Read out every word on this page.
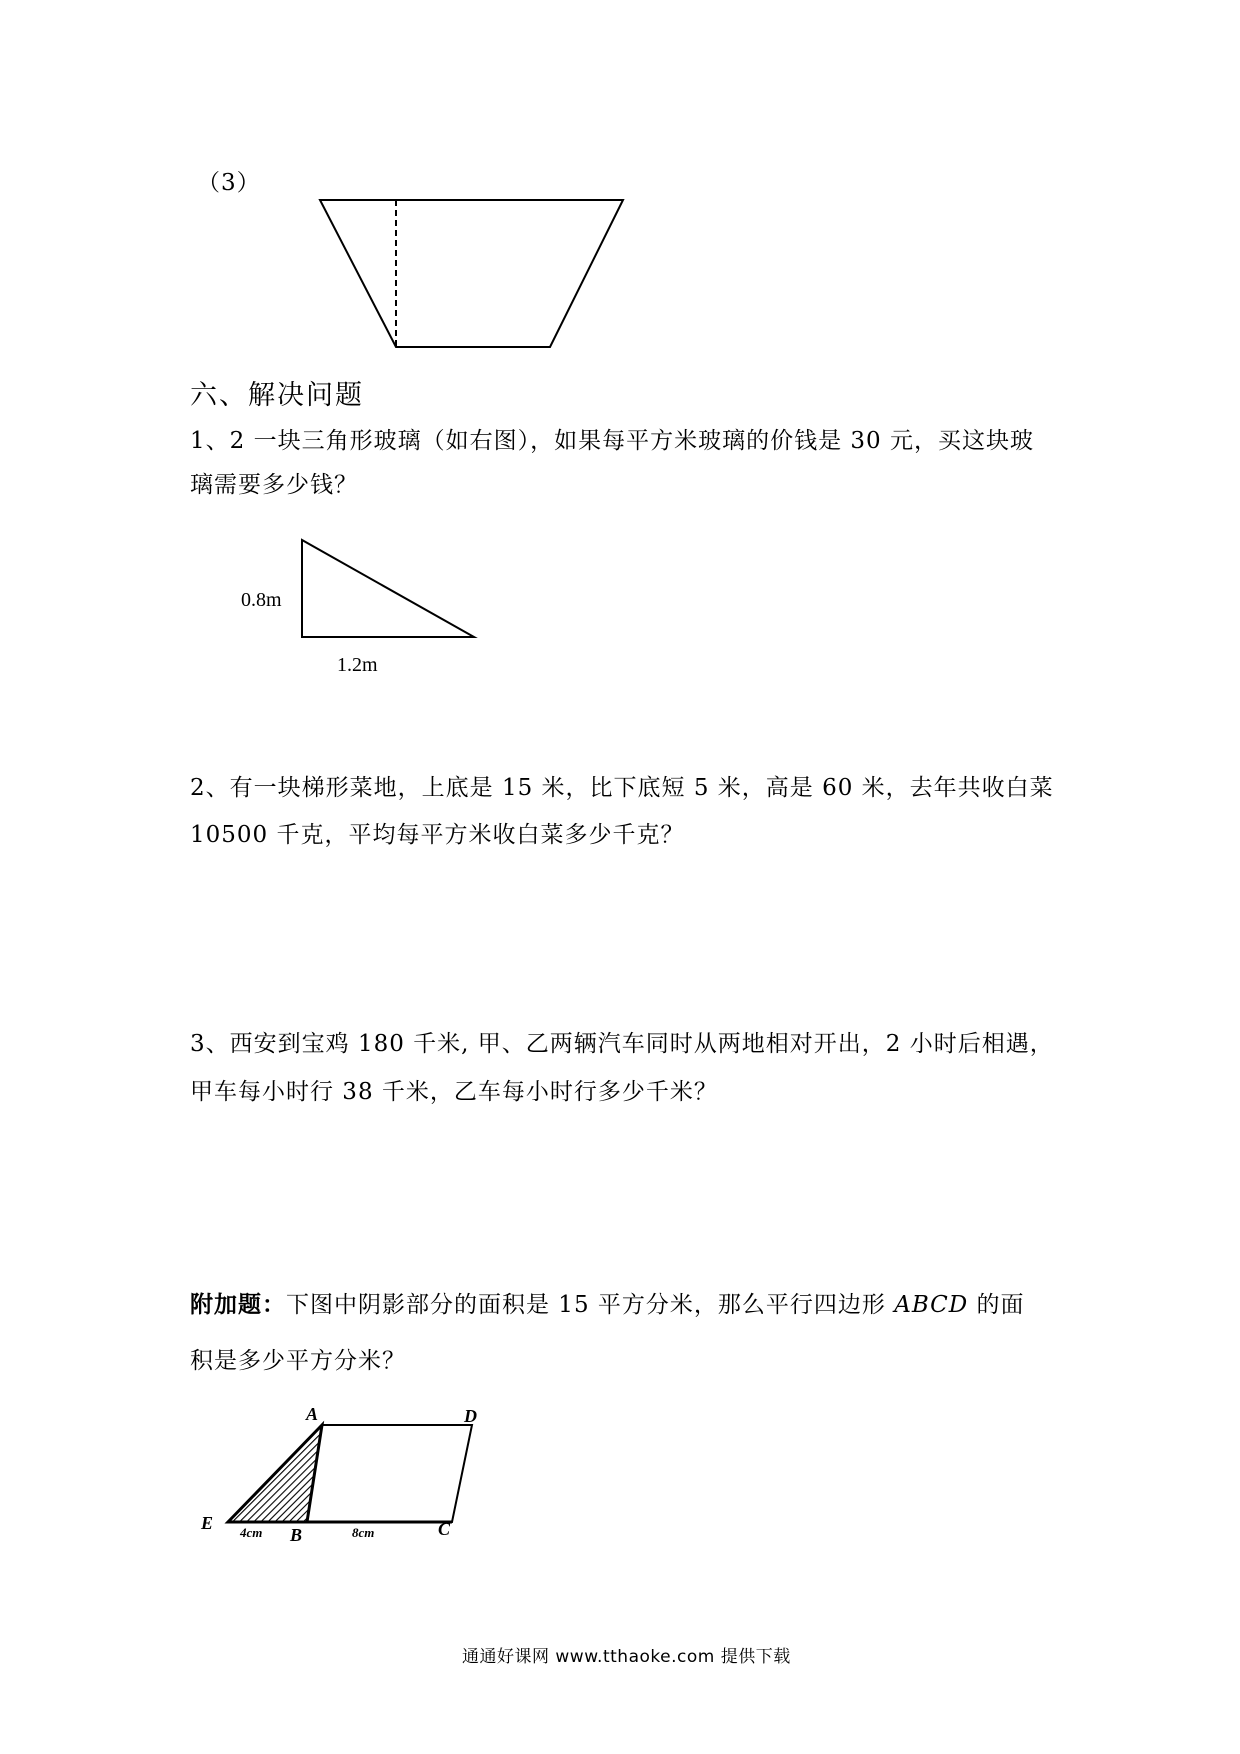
（3）
六、解决问题
1、2 一块三角形玻璃（如右图），如果每平方米玻璃的价钱是 30 元，买这块玻
璃需要多少钱？
0.8m
1.2m
2、有一块梯形菜地，上底是 15 米，比下底短 5 米，高是 60 米，去年共收白菜
10500 千克，平均每平方米收白菜多少千克？
3、西安到宝鸡 180 千米, 甲、乙两辆汽车同时从两地相对开出，2 小时后相遇，
甲车每小时行 38 千米，乙车每小时行多少千米？
附加题：下图中阴影部分的面积是 15 平方分米，那么平行四边形 ABCD 的面
积是多少平方分米？
A	D
E
B	C
4cm	8cm
通通好课网 www.tthaoke.com 提供下载
